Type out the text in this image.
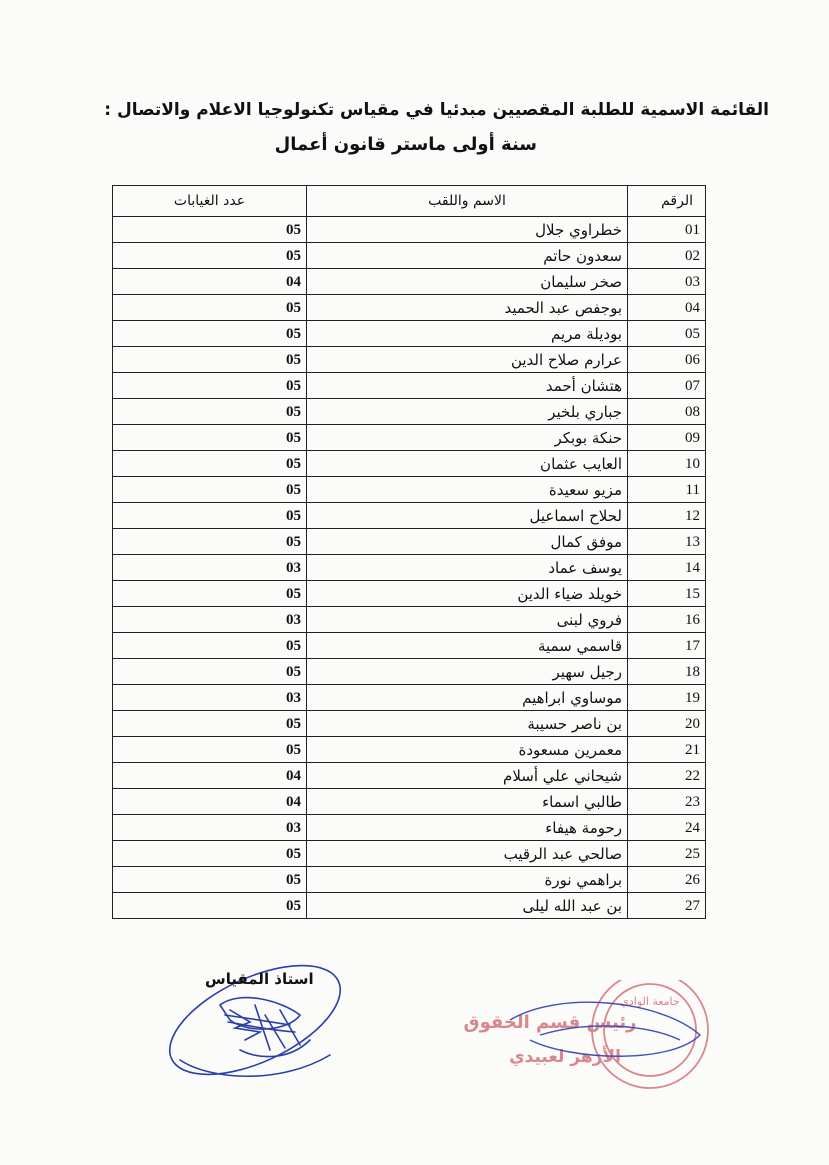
القائمة الاسمية للطلبة المقصيين مبدئيا في مقياس تكنولوجيا الاعلام والاتصال :
سنة أولى ماستر قانون أعمال
عدد الغيابات	الاسم واللقب	الرقم
05	خطراوي جلال	01
05	سعدون حاتم	02
04	صخر سليمان	03
05	بوجفص عبد الحميد	04
05	بوديلة مريم	05
05	عرارم صلاح الدين	06
05	هتشان أحمد	07
05	جباري بلخير	08
05	حنكة بوبكر	09
05	العايب عثمان	10
05	مزيو سعيدة	11
05	لحلاح اسماعيل	12
05	موفق كمال	13
03	يوسف عماد	14
05	خويلد ضياء الدين	15
03	فروي لبنى	16
05	قاسمي سمية	17
05	رجيل سهير	18
03	موساوي ابراهيم	19
05	بن ناصر حسيبة	20
05	معمرين مسعودة	21
04	شيحاني علي أسلام	22
04	طالبي اسماء	23
03	رحومة هيفاء	24
05	صالحي عبد الرقيب	25
05	براهمي نورة	26
05	بن عبد الله ليلى	27
استاذ المقياس
جامعة الوادي
رئيس قسم الحقوق
الأزهر لعبيدي
